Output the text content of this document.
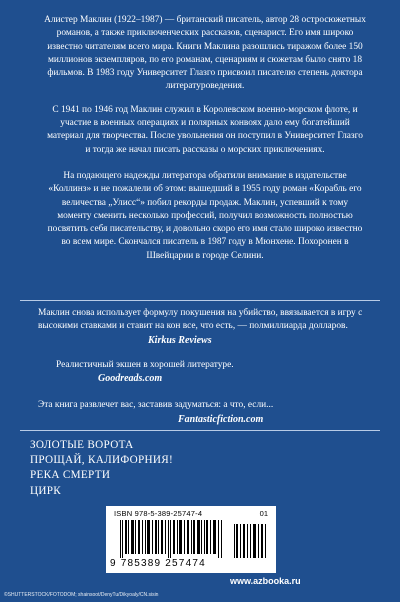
Алистер Маклин (1922–1987) — британский писатель, автор 28 остросюжетных романов, а также приключенческих рассказов, сценарист. Его имя широко известно читателям всего мира. Книги Маклина разошлись тиражом более 150 миллионов экземпляров, по его романам, сценариям и сюжетам было снято 18 фильмов. В 1983 году Университет Глазго присвоил писателю степень доктора литературоведения.

С 1941 по 1946 год Маклин служил в Королевском военно-морском флоте, и участие в военных операциях и полярных конвоях дало ему богатейший материал для творчества. После увольнения он поступил в Университет Глазго и тогда же начал писать рассказы о морских приключениях.

На подающего надежды литератора обратили внимание в издательстве «Коллинз» и не пожалели об этом: вышедший в 1955 году роман «Корабль его величества „Улисс“» побил рекорды продаж. Маклин, успевший к тому моменту сменить несколько профессий, получил возможность полностью посвятить себя писательству, и довольно скоро его имя стало широко известно во всем мире. Скончался писатель в 1987 году в Мюнхене. Похоронен в Швейцарии в городе Селини.

Маклин снова использует формулу покушения на убийство, ввязывается в игру с высокими ставками и ставит на кон все, что есть, — полмиллиарда долларов.
Kirkus Reviews
Реалистичный экшен в хорошей литературе.
Goodreads.com
Эта книга развлечет вас, заставив задуматься: а что, если...
Fantasticfiction.com
ЗОЛОТЫЕ ВОРОТА
ПРОЩАЙ, КАЛИФОРНИЯ!
РЕКА СМЕРТИ
ЦИРК
ISBN 978-5-389-25747-4	01
9 785389 257474
www.azbooka.ru
©SHUTTERSTOCK/FOTODOM; shainsoot/DenyTu/Dikyoaly/CN.sisin
